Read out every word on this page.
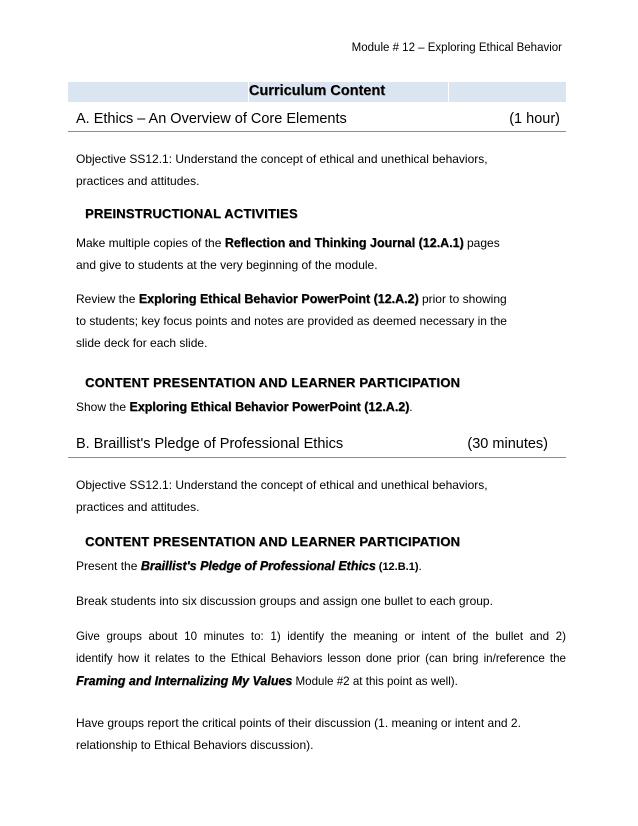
Module # 12 – Exploring Ethical Behavior
Curriculum Content
A. Ethics – An Overview of Core Elements	(1 hour)
Objective SS12.1: Understand the concept of ethical and unethical behaviors,
practices and attitudes.
PREINSTRUCTIONAL ACTIVITIES
Make multiple copies of the Reflection and Thinking Journal (12.A.1) pages
and give to students at the very beginning of the module.
Review the Exploring Ethical Behavior PowerPoint (12.A.2) prior to showing
to students; key focus points and notes are provided as deemed necessary in the
slide deck for each slide.
CONTENT PRESENTATION AND LEARNER PARTICIPATION
Show the Exploring Ethical Behavior PowerPoint (12.A.2).
B. Braillist's Pledge of Professional Ethics	(30 minutes)
Objective SS12.1: Understand the concept of ethical and unethical behaviors,
practices and attitudes.
CONTENT PRESENTATION AND LEARNER PARTICIPATION
Present the Braillist's Pledge of Professional Ethics (12.B.1).
Break students into six discussion groups and assign one bullet to each group.
Give groups about 10 minutes to: 1) identify the meaning or intent of the bullet and 2)
identify how it relates to the Ethical Behaviors lesson done prior (can bring in/reference the
Framing and Internalizing My Values Module #2 at this point as well).
Have groups report the critical points of their discussion (1. meaning or intent and 2.
relationship to Ethical Behaviors discussion).
